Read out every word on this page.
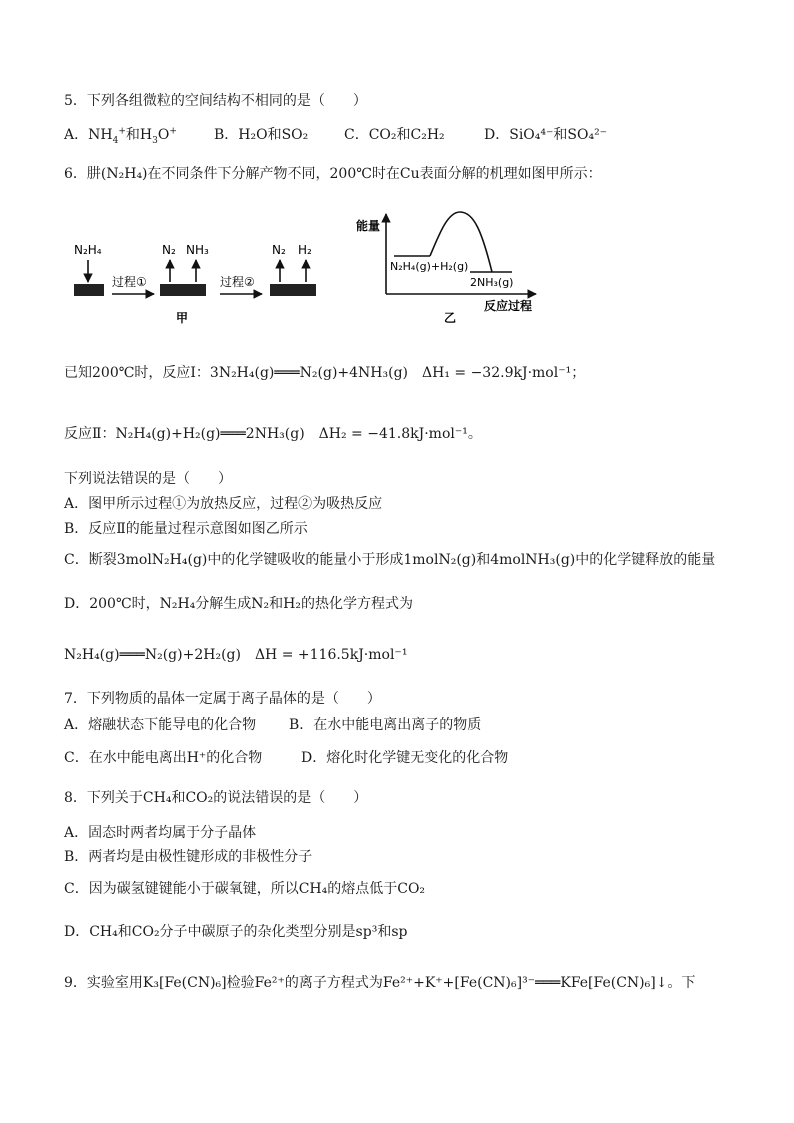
5．下列各组微粒的空间结构不相同的是（　　）
A．$NH_4^+$和$H_3O^+$	B．H₂O和SO₂	C．CO₂和C₂H₂	D．SiO₄⁴⁻和SO₄²⁻
6．肼(N₂H₄)在不同条件下分解产物不同，200℃时在Cu表面分解的机理如图甲所示：
N₂H₄
过程①
N₂ NH₃
甲
过程②
N₂ H₂
能量
反应过程
N₂H₄(g)+H₂(g)
2NH₃(g)
乙
已知200℃时，反应Ⅰ：3N₂H₄(g)═══N₂(g)+4NH₃(g)　ΔH₁ = −32.9kJ·mol⁻¹；
反应Ⅱ：N₂H₄(g)+H₂(g)═══2NH₃(g)　ΔH₂ = −41.8kJ·mol⁻¹。
下列说法错误的是（　　）
A．图甲所示过程①为放热反应，过程②为吸热反应
B．反应Ⅱ的能量过程示意图如图乙所示
C．断裂3molN₂H₄(g)中的化学键吸收的能量小于形成1molN₂(g)和4molNH₃(g)中的化学键释放的能量
D．200℃时，N₂H₄分解生成N₂和H₂的热化学方程式为
N₂H₄(g)═══N₂(g)+2H₂(g)　ΔH = +116.5kJ·mol⁻¹
7．下列物质的晶体一定属于离子晶体的是（　　）
A．熔融状态下能导电的化合物 B．在水中能电离出离子的物质
C．在水中能电离出H⁺的化合物	D．熔化时化学键无变化的化合物
8．下列关于CH₄和CO₂的说法错误的是（　　）
A．固态时两者均属于分子晶体
B．两者均是由极性键形成的非极性分子
C．因为碳氢键键能小于碳氧键，所以CH₄的熔点低于CO₂
D．CH₄和CO₂分子中碳原子的杂化类型分别是sp³和sp
9．实验室用K₃[Fe(CN)₆]检验Fe²⁺的离子方程式为Fe²⁺+K⁺+[Fe(CN)₆]³⁻═══KFe[Fe(CN)₆]↓。下
